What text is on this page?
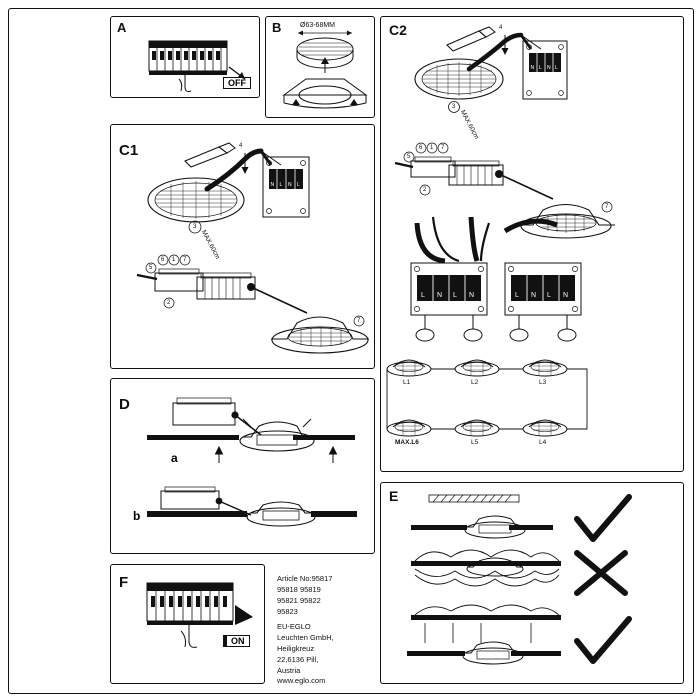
A
OFF
B	Ø63-68MM
C1
N L N L
MAX.60cm
3
4
6 1 7
5
2
7
C2
N L N L
L N L N	L N L N
MAX.60cm
3
4
6 1 7
5
2
7
L1	L2	L3
MAX.L6	L5	L4
D
a
b
E
F
ON
Article No:95817
95818 95819
95821 95822
95823
EU-EGLO
Leuchten GmbH,
Heiligkreuz
22,6136 Pill,
Austria
www.eglo.com
